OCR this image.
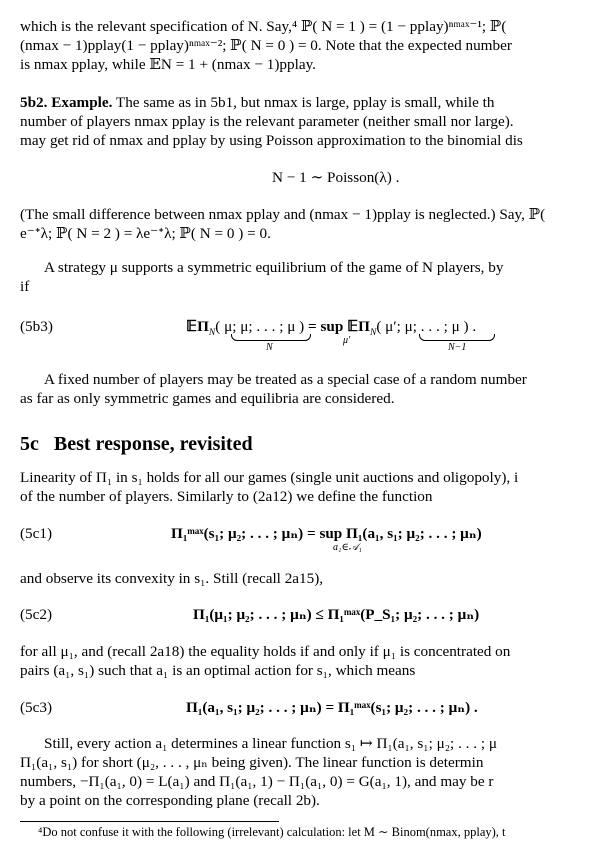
which is the relevant specification of N. Say,⁴ ℙ( N = 1 ) = (1 − pplay)ⁿᵐᵃˣ⁻¹; ℙ(
(nmax − 1)pplay(1 − pplay)ⁿᵐᵃˣ⁻²; ℙ( N = 0 ) = 0. Note that the expected number
is nmax pplay, while 𝔼N = 1 + (nmax − 1)pplay.
5b2. Example. The same as in 5b1, but nmax is large, pplay is small, while th
number of players nmax pplay is the relevant parameter (neither small nor large).
may get rid of nmax and pplay by using Poisson approximation to the binomial dis
N − 1 ∼ Poisson(λ) .
(The small difference between nmax pplay and (nmax − 1)pplay is neglected.) Say, ℙ(
e⁻ᐩλ; ℙ( N = 2 ) = λe⁻ᐩλ; ℙ( N = 0 ) = 0.
A strategy μ supports a symmetric equilibrium of the game of N players, by
if
(5b3)	𝔼Π$_N$( μ; μ; . . . ; μ ) = sup 𝔼Π$_N$( μ′; μ; . . . ; μ ) .
μ′
N	N−1
A fixed number of players may be treated as a special case of a random number
as far as only symmetric games and equilibria are considered.
5c Best response, revisited
Linearity of Π₁ in s₁ holds for all our games (single unit auctions and oligopoly), i
of the number of players. Similarly to (2a12) we define the function
(5c1)	Π₁ᵐᵃˣ(s₁; μ₂; . . . ; μₙ) = sup Π₁(a₁, s₁; μ₂; . . . ; μₙ)
a₁∈𝒜₁
and observe its convexity in s₁. Still (recall 2a15),
(5c2)	Π₁(μ₁; μ₂; . . . ; μₙ) ≤ Π₁ᵐᵃˣ(P_S₁; μ₂; . . . ; μₙ)
for all μ₁, and (recall 2a18) the equality holds if and only if μ₁ is concentrated on
pairs (a₁, s₁) such that a₁ is an optimal action for s₁, which means
(5c3)	Π₁(a₁, s₁; μ₂; . . . ; μₙ) = Π₁ᵐᵃˣ(s₁; μ₂; . . . ; μₙ) .
Still, every action a₁ determines a linear function s₁ ↦ Π₁(a₁, s₁; μ₂; . . . ; μ
Π₁(a₁, s₁) for short (μ₂, . . . , μₙ being given). The linear function is determin
numbers, −Π₁(a₁, 0) = L(a₁) and Π₁(a₁, 1) − Π₁(a₁, 0) = G(a₁, 1), and may be r
by a point on the corresponding plane (recall 2b).
⁴Do not confuse it with the following (irrelevant) calculation: let M ∼ Binom(nmax, pplay), t
